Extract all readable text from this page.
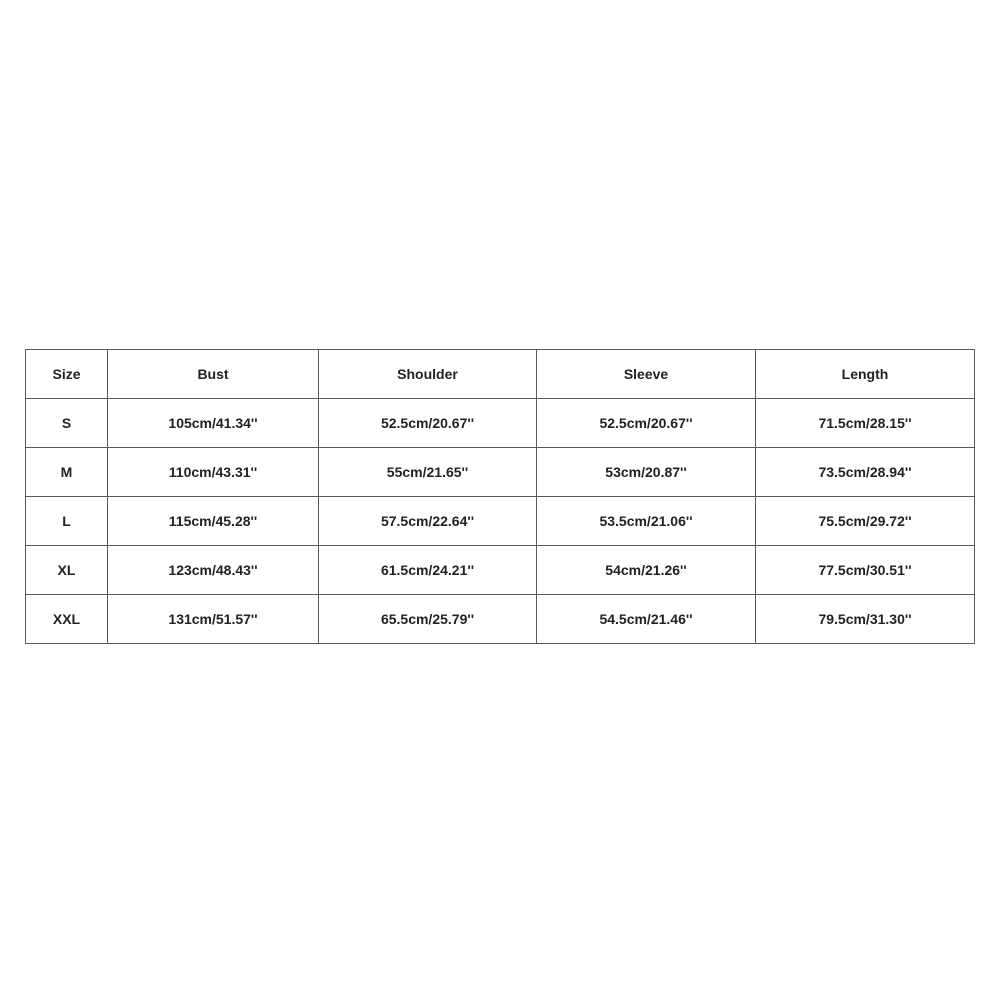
Size	Bust	Shoulder	Sleeve	Length
S	105cm/41.34''	52.5cm/20.67''	52.5cm/20.67''	71.5cm/28.15''
M	110cm/43.31''	55cm/21.65''	53cm/20.87''	73.5cm/28.94''
L	115cm/45.28''	57.5cm/22.64''	53.5cm/21.06''	75.5cm/29.72''
XL	123cm/48.43''	61.5cm/24.21''	54cm/21.26''	77.5cm/30.51''
XXL	131cm/51.57''	65.5cm/25.79''	54.5cm/21.46''	79.5cm/31.30''
